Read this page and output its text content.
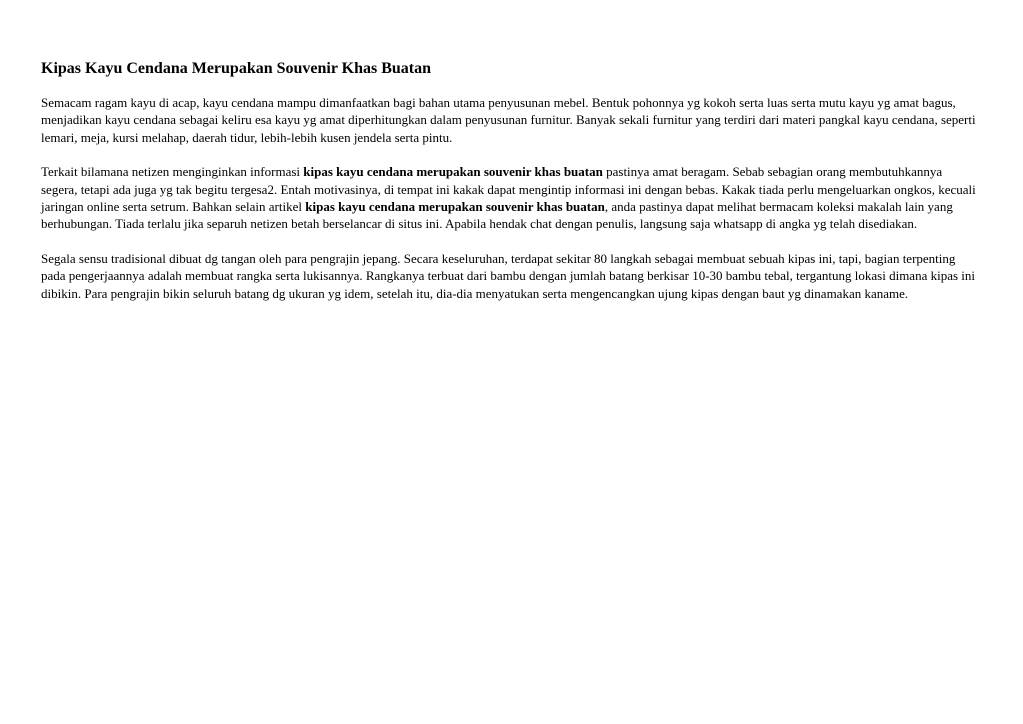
Kipas Kayu Cendana Merupakan Souvenir Khas Buatan

Semacam ragam kayu di acap, kayu cendana mampu dimanfaatkan bagi bahan utama penyusunan mebel. Bentuk pohonnya yg kokoh serta luas serta mutu kayu yg amat bagus, menjadikan kayu cendana sebagai keliru esa kayu yg amat diperhitungkan dalam penyusunan furnitur. Banyak sekali furnitur yang terdiri dari materi pangkal kayu cendana, seperti lemari, meja, kursi melahap, daerah tidur, lebih-lebih kusen jendela serta pintu.

Terkait bilamana netizen menginginkan informasi kipas kayu cendana merupakan souvenir khas buatan pastinya amat beragam. Sebab sebagian orang membutuhkannya segera, tetapi ada juga yg tak begitu tergesa2. Entah motivasinya, di tempat ini kakak dapat mengintip informasi ini dengan bebas. Kakak tiada perlu mengeluarkan ongkos, kecuali jaringan online serta setrum. Bahkan selain artikel kipas kayu cendana merupakan souvenir khas buatan, anda pastinya dapat melihat bermacam koleksi makalah lain yang berhubungan. Tiada terlalu jika separuh netizen betah berselancar di situs ini. Apabila hendak chat dengan penulis, langsung saja whatsapp di angka yg telah disediakan.

Segala sensu tradisional dibuat dg tangan oleh para pengrajin jepang. Secara keseluruhan, terdapat sekitar 80 langkah sebagai membuat sebuah kipas ini, tapi, bagian terpenting pada pengerjaannya adalah membuat rangka serta lukisannya. Rangkanya terbuat dari bambu dengan jumlah batang berkisar 10-30 bambu tebal, tergantung lokasi dimana kipas ini dibikin. Para pengrajin bikin seluruh batang dg ukuran yg idem, setelah itu, dia-dia menyatukan serta mengencangkan ujung kipas dengan baut yg dinamakan kaname.
